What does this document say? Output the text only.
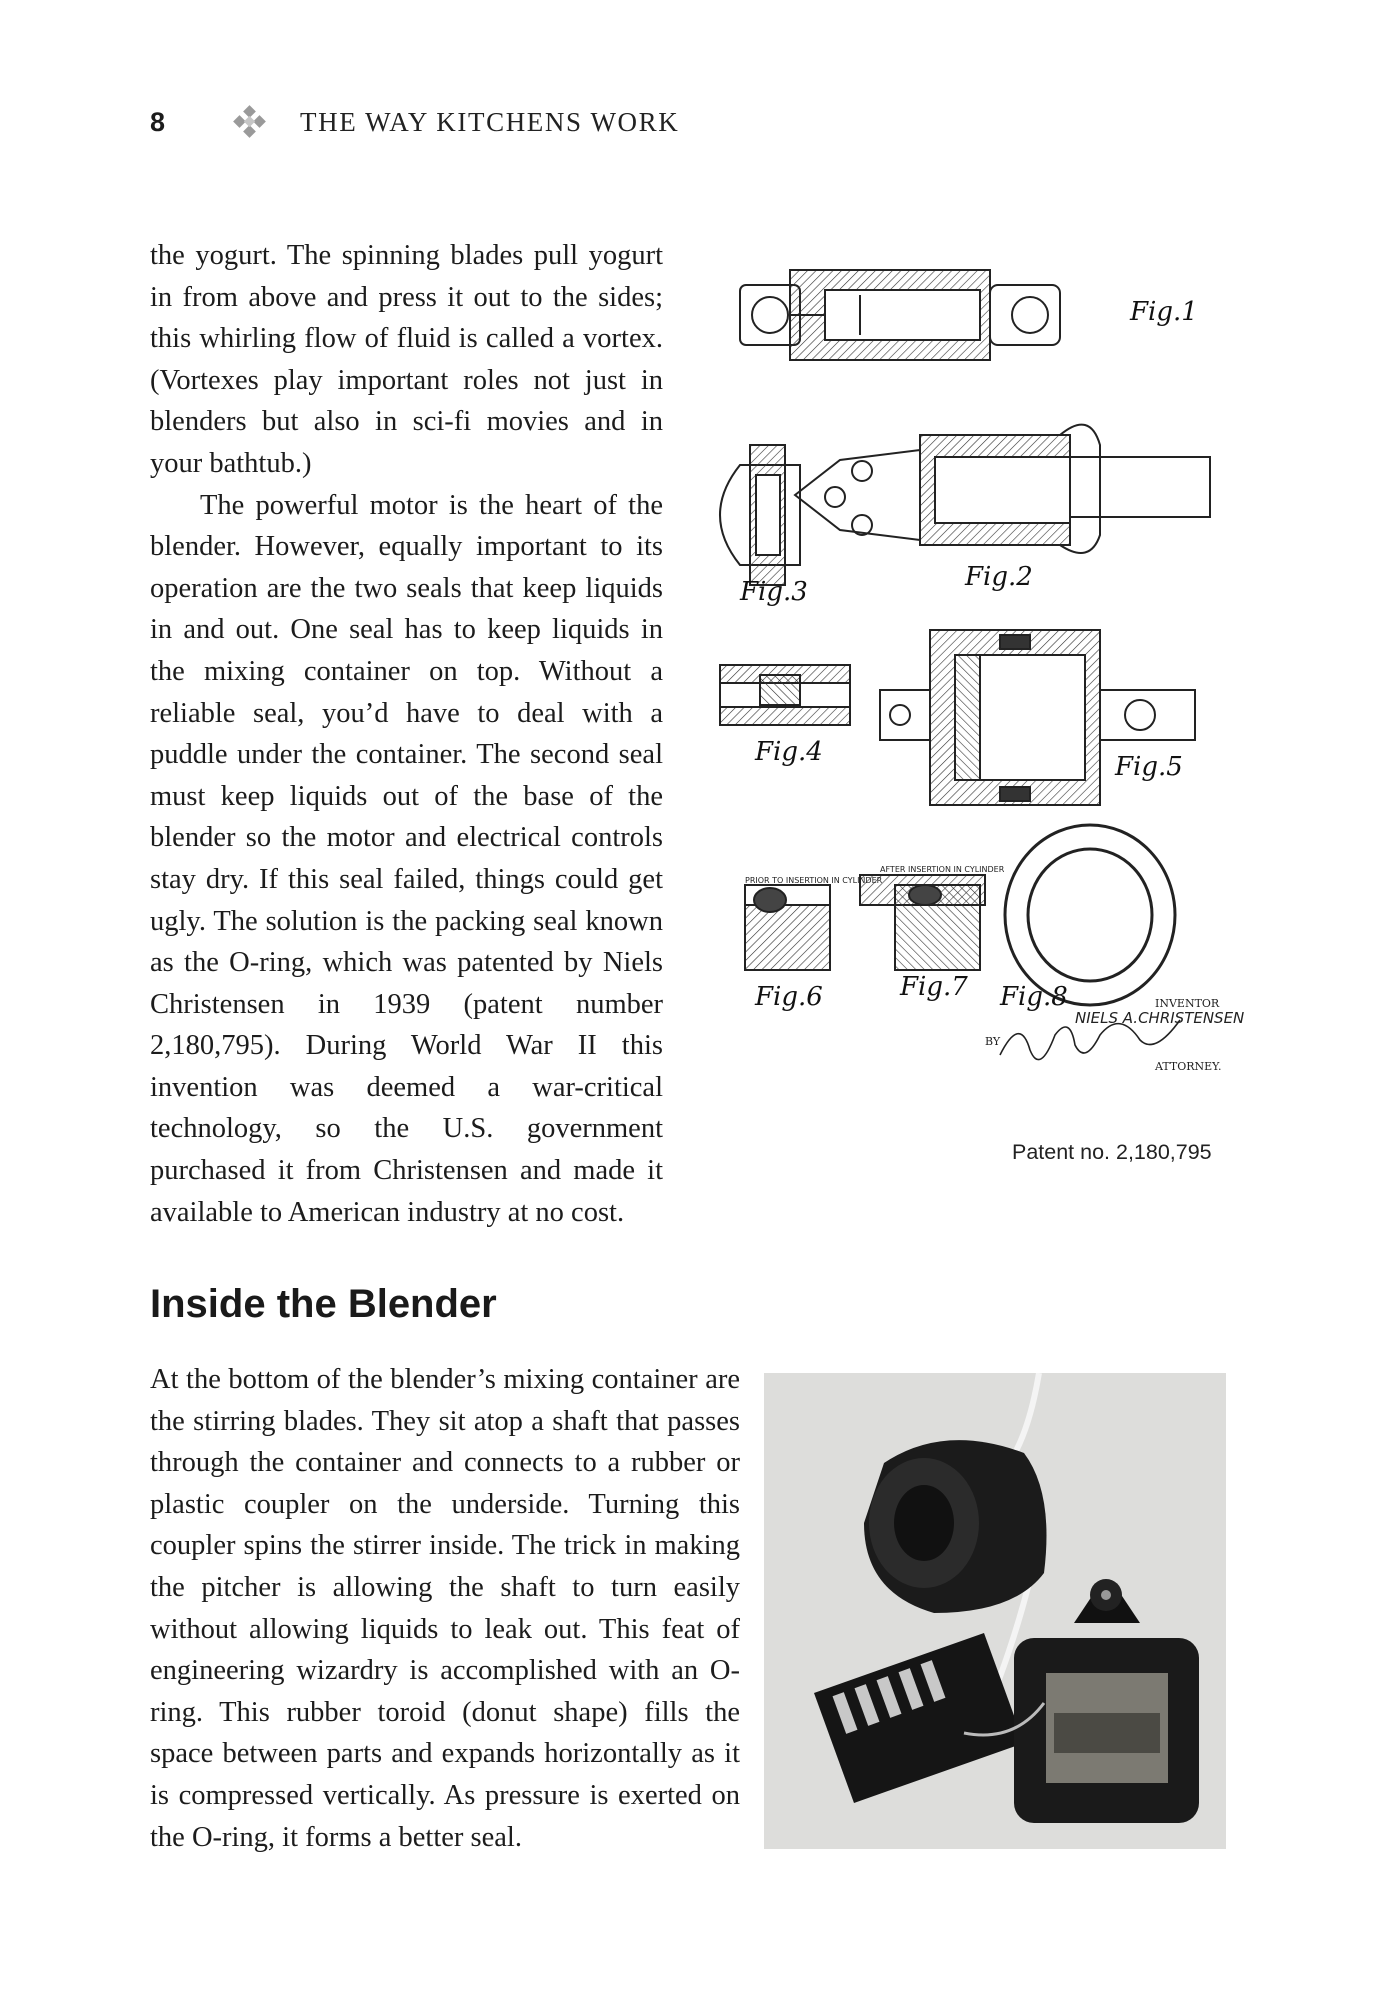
8	THE WAY KITCHENS WORK

the yogurt. The spinning blades pull yogurt in from above and press it out to the sides; this whirling flow of fluid is called a vortex. (Vortexes play important roles not just in blenders but also in sci-fi movies and in your bathtub.)

The powerful motor is the heart of the blender. However, equally important to its operation are the two seals that keep liquids in and out. One seal has to keep liquids in the mixing container on top. Without a reliable seal, you’d have to deal with a puddle under the container. The second seal must keep liquids out of the base of the blender so the motor and electrical controls stay dry. If this seal failed, things could get ugly. The solution is the packing seal known as the O-ring, which was patented by Niels Christensen in 1939 (patent number 2,180,795). During World War II this invention was deemed a war-critical technology, so the U.S. government purchased it from Christensen and made it available to American industry at no cost.

Fig.1
Fig.2
Fig.3
Fig.4	Fig.5
Fig.6	Fig.7 Fig.8
PRIOR TO INSERTION IN CYLINDER
AFTER INSERTION IN CYLINDER
INVENTOR
NIELS A.CHRISTENSEN
BY
ATTORNEY.
Patent no. 2,180,795
Inside the Blender

At the bottom of the blender’s mixing container are the stirring blades. They sit atop a shaft that passes through the container and connects to a rubber or plastic coupler on the underside. Turning this coupler spins the stirrer inside. The trick in making the pitcher is allowing the shaft to turn easily without allowing liquids to leak out. This feat of engineering wizardry is accomplished with an O-ring. This rubber toroid (donut shape) fills the space between parts and expands horizontally as it is compressed vertically. As pressure is exerted on the O-ring, it forms a better seal.
